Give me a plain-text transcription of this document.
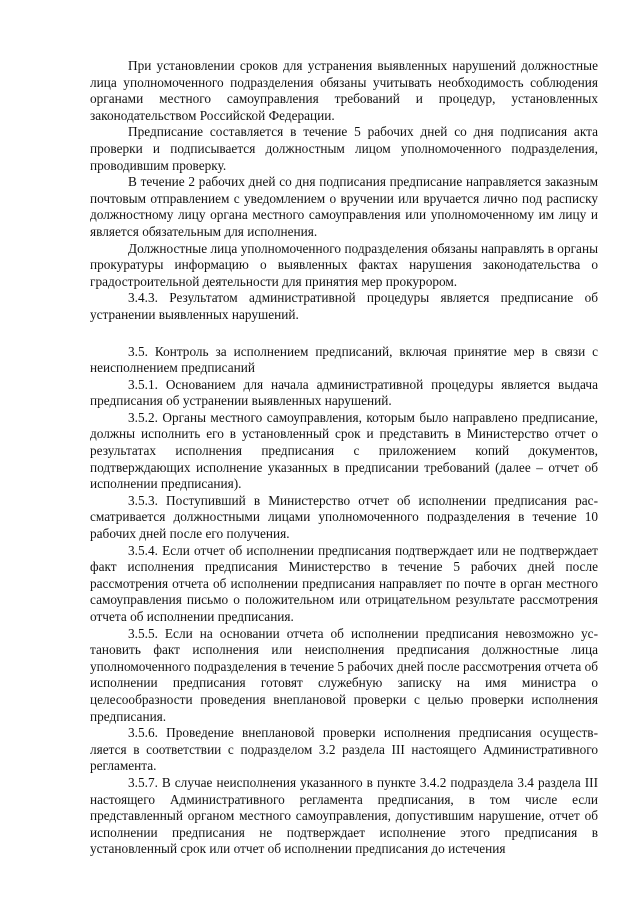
При установлении сроков для устранения выявленных нарушений должностные лица уполномоченного подразделения обязаны учитывать необходимость соблюдения органами местного самоуправления требований и процедур, установленных законодательством Российской Федерации.

Предписание составляется в течение 5 рабочих дней со дня подписания акта проверки и подписывается должностным лицом уполномоченного подразделения, проводившим проверку.

В течение 2 рабочих дней со дня подписания предписание направляется заказным почтовым отправлением с уведомлением о вручении или вручается лично под расписку должностному лицу органа местного самоуправления или уполномоченному им лицу и является обязательным для исполнения.

Должностные лица уполномоченного подразделения обязаны направлять в органы прокуратуры информацию о выявленных фактах нарушения законодательства о градостроительной деятельности для принятия мер прокурором.

3.4.3. Результатом административной процедуры является предписание об устранении выявленных нарушений.

3.5. Контроль за исполнением предписаний, включая принятие мер в связи с неисполнением предписаний

3.5.1. Основанием для начала административной процедуры является выдача предписания об устранении выявленных нарушений.

3.5.2. Органы местного самоуправления, которым было направлено предписание, должны исполнить его в установленный срок и представить в Министерство отчет о результатах исполнения предписания с приложением копий документов, подтверждающих исполнение указанных в предписании требований (далее – отчет об исполнении предписания).

3.5.3. Поступивший в Министерство отчет об исполнении предписания рассматривается должностными лицами уполномоченного подразделения в течение 10 рабочих дней после его получения.

3.5.4. Если отчет об исполнении предписания подтверждает или не подтверждает факт исполнения предписания Министерство в течение 5 рабочих дней после рассмотрения отчета об исполнении предписания направляет по почте в орган местного самоуправления письмо о положительном или отрицательном результате рассмотрения отчета об исполнении предписания.

3.5.5. Если на основании отчета об исполнении предписания невозможно установить факт исполнения или неисполнения предписания должностные лица уполномоченного подразделения в течение 5 рабочих дней после рассмотрения отчета об исполнении предписания готовят служебную записку на имя министра о целесообразности проведения внеплановой проверки с целью проверки исполнения предписания.

3.5.6. Проведение внеплановой проверки исполнения предписания осуществляется в соответствии с подразделом 3.2 раздела III настоящего Административного регламента.

3.5.7. В случае неисполнения указанного в пункте 3.4.2 подраздела 3.4 раздела III настоящего Административного регламента предписания, в том числе если представленный органом местного самоуправления, допустившим нарушение, отчет об исполнении предписания не подтверждает исполнение этого предписания в установленный срок или отчет об исполнении предписания до истечения
